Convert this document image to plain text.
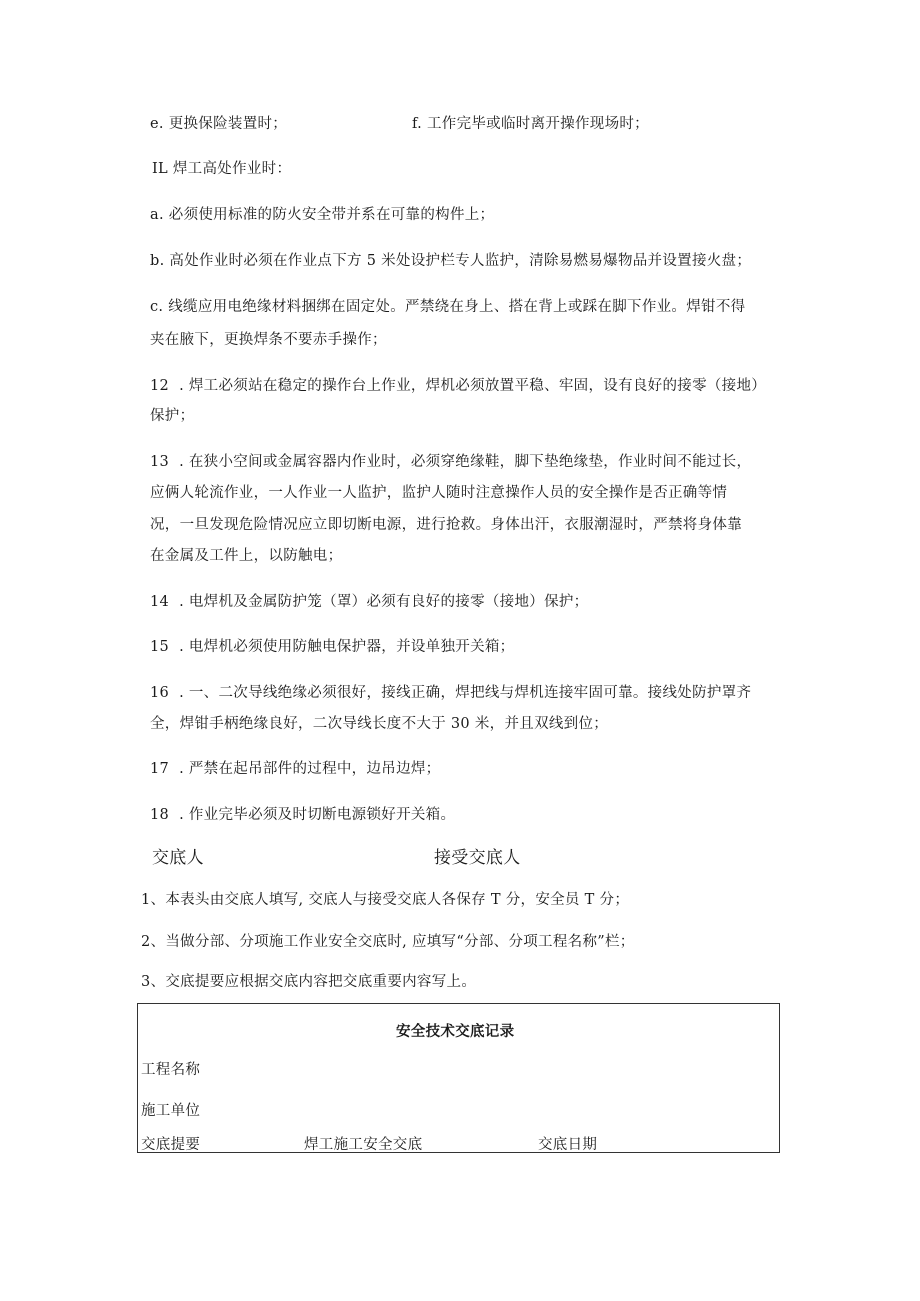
e. 更换保险装置时；	f. 工作完毕或临时离开操作现场时；
IL 焊工高处作业时：
a. 必须使用标准的防火安全带并系在可靠的构件上；
b. 高处作业时必须在作业点下方 5 米处设护栏专人监护，清除易燃易爆物品并设置接火盘；
c. 线缆应用电绝缘材料捆绑在固定处。严禁绕在身上、搭在背上或踩在脚下作业。焊钳不得
夹在腋下，更换焊条不要赤手操作；
12 . 焊工必须站在稳定的操作台上作业，焊机必须放置平稳、牢固，设有良好的接零（接地）
保护；
13 . 在狭小空间或金属容器内作业时，必须穿绝缘鞋，脚下垫绝缘垫，作业时间不能过长，
应俩人轮流作业，一人作业一人监护，监护人随时注意操作人员的安全操作是否正确等情
况，一旦发现危险情况应立即切断电源，进行抢救。身体出汗，衣服潮湿时，严禁将身体靠
在金属及工件上，以防触电；
14 . 电焊机及金属防护笼（罩）必须有良好的接零（接地）保护；
15 . 电焊机必须使用防触电保护器，并设单独开关箱；
16 . 一、二次导线绝缘必须很好，接线正确，焊把线与焊机连接牢固可靠。接线处防护罩齐
全，焊钳手柄绝缘良好，二次导线长度不大于 30 米，并且双线到位；
17 . 严禁在起吊部件的过程中，边吊边焊；
18 . 作业完毕必须及时切断电源锁好开关箱。
交底人	接受交底人
1、本表头由交底人填写, 交底人与接受交底人各保存 T 分，安全员 T 分；
2、当做分部、分项施工作业安全交底时, 应填写“分部、分项工程名称”栏；
3、交底提要应根据交底内容把交底重要内容写上。
安全技术交底记录
工程名称
施工单位
交底提要	焊工施工安全交底	交底日期
